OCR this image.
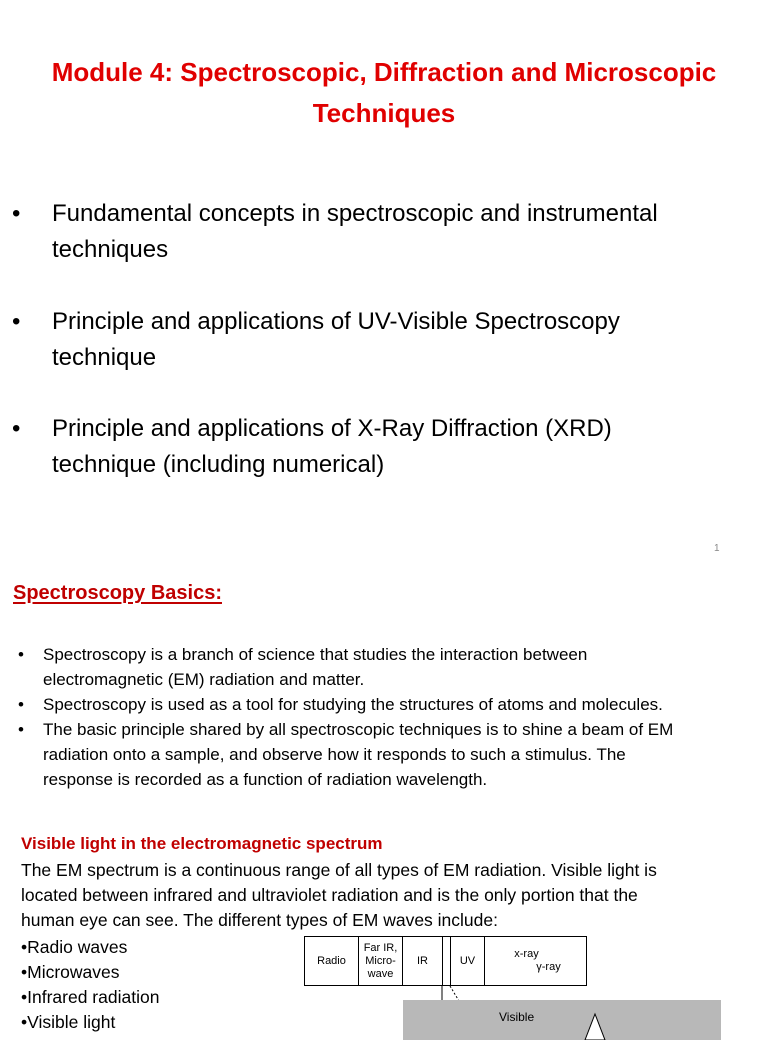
Module 4: Spectroscopic, Diffraction and Microscopic
Techniques
•	Fundamental concepts in spectroscopic and instrumental
techniques
•	Principle and applications of UV-Visible Spectroscopy
technique
•	Principle and applications of X-Ray Diffraction (XRD)
technique (including numerical)
1
Spectroscopy Basics:
• Spectroscopy is a branch of science that studies the interaction between
electromagnetic (EM) radiation and matter.
• Spectroscopy is used as a tool for studying the structures of atoms and molecules.
• The basic principle shared by all spectroscopic techniques is to shine a beam of EM
radiation onto a sample, and observe how it responds to such a stimulus. The
response is recorded as a function of radiation wavelength.
Visible light in the electromagnetic spectrum
The EM spectrum is a continuous range of all types of EM radiation. Visible light is
located between infrared and ultraviolet radiation and is the only portion that the
human eye can see. The different types of EM waves include:
•Radio waves
•Microwaves
•Infrared radiation
•Visible light
Radio
Far IR,
Micro-
wave
IR	UV
x-ray
γ-ray
Visible
